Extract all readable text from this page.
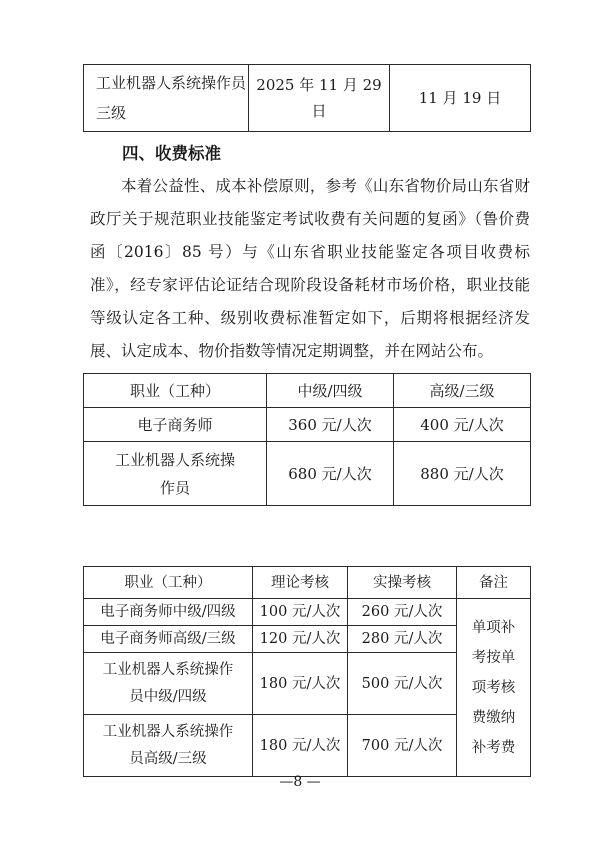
工业机器人系统操作员三级	2025 年 11 月 29 日	11 月 19 日
四、收费标准
本着公益性、成本补偿原则，参考《山东省物价局山东省财政厅关于规范职业技能鉴定考试收费有关问题的复函》（鲁价费函〔2016〕85 号）与《山东省职业技能鉴定各项目收费标准》，经专家评估论证结合现阶段设备耗材市场价格，职业技能等级认定各工种、级别收费标准暂定如下，后期将根据经济发展、认定成本、物价指数等情况定期调整，并在网站公布。
职业（工种）	中级/四级	高级/三级
电子商务师	360 元/人次	400 元/人次
工业机器人系统操作员	680 元/人次	880 元/人次
职业（工种）	理论考核	实操考核	备注
电子商务师中级/四级	100 元/人次	260 元/人次	单项补考按单项考核费缴纳补考费
电子商务师高级/三级	120 元/人次	280 元/人次	
工业机器人系统操作员中级/四级	180 元/人次	500 元/人次	
工业机器人系统操作员高级/三级	180 元/人次	700 元/人次	
—8 —
